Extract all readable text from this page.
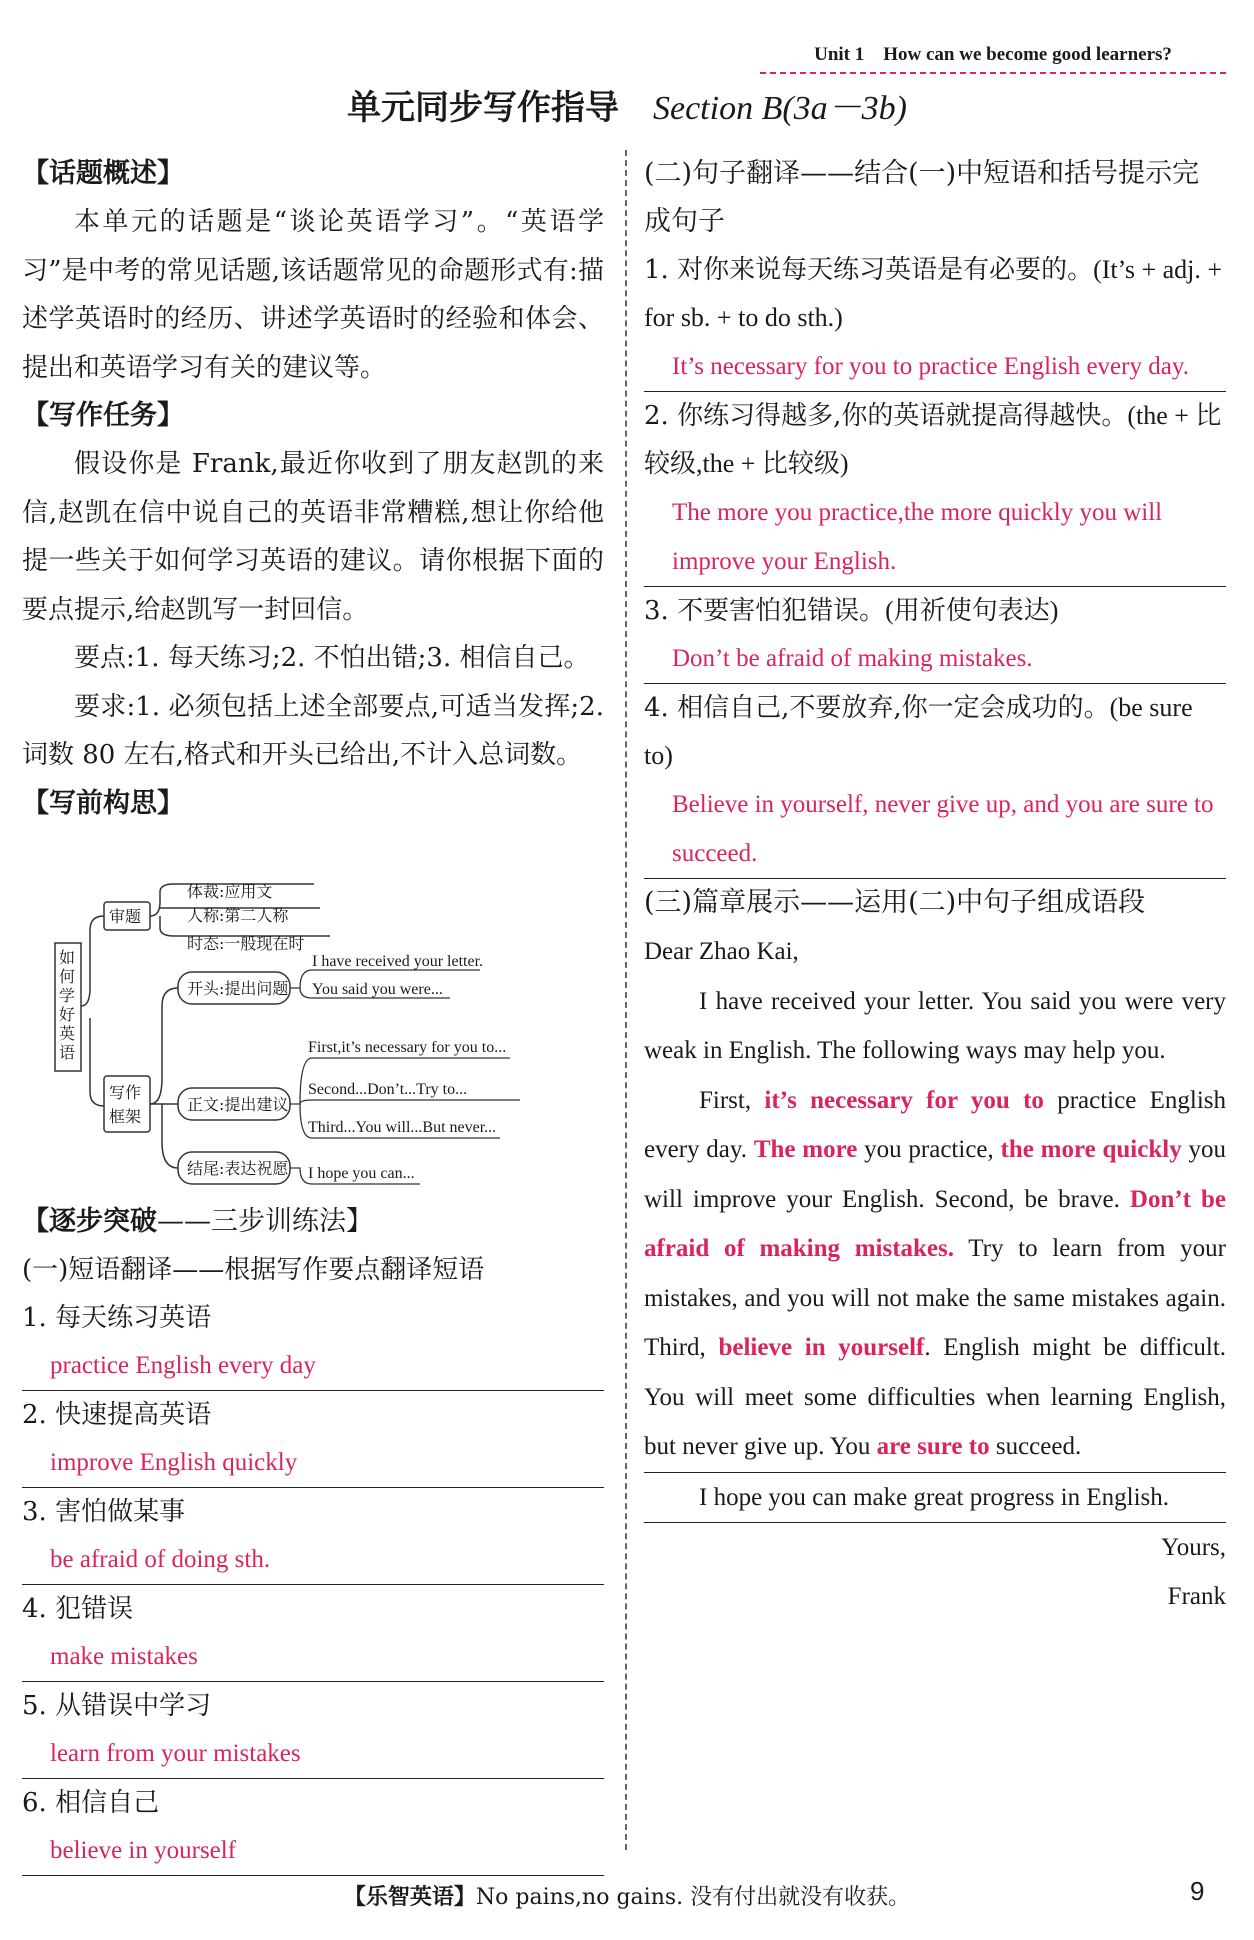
Unit 1　How can we become good learners?
单元同步写作指导 Section B(3a－3b)
【话题概述】

本单元的话题是“谈论英语学习”。“英语学习”是中考的常见话题,该话题常见的命题形式有:描述学英语时的经历、讲述学英语时的经验和体会、提出和英语学习有关的建议等。

【写作任务】

假设你是 Frank,最近你收到了朋友赵凯的来信,赵凯在信中说自己的英语非常糟糕,想让你给他提一些关于如何学习英语的建议。请你根据下面的要点提示,给赵凯写一封回信。

要点:1. 每天练习;2. 不怕出错;3. 相信自己。

要求:1. 必须包括上述全部要点,可适当发挥;2. 词数 80 左右,格式和开头已给出,不计入总词数。

【写前构思】
如 何 学 好 英 语
审题
体裁:应用文
人称:第二人称
时态:一般现在时
写作
框架
开头:提出问题
正文:提出建议
结尾:表达祝愿
I have received your letter.
You said you were...
First,it’s necessary for you to...
Second...Don’t...Try to...
Third...You will...But never...
I hope you can...
【逐步突破——三步训练法】
(一)短语翻译——根据写作要点翻译短语
1. 每天练习英语
practice English every day
2. 快速提高英语
improve English quickly
3. 害怕做某事
be afraid of doing sth.
4. 犯错误
make mistakes
5. 从错误中学习
learn from your mistakes
6. 相信自己
believe in yourself
(二)句子翻译——结合(一)中短语和括号提示完成句子
1. 对你来说每天练习英语是有必要的。(It’s + adj. + for sb. + to do sth.)
It’s necessary for you to practice English every day.
2. 你练习得越多,你的英语就提高得越快。(the + 比较级,the + 比较级)
The more you practice,the more quickly you will improve your English.
3. 不要害怕犯错误。(用祈使句表达)
Don’t be afraid of making mistakes.
4. 相信自己,不要放弃,你一定会成功的。(be sure to)
Believe in yourself, never give up, and you are sure to succeed.
(三)篇章展示——运用(二)中句子组成语段
Dear Zhao Kai,
I have received your letter. You said you were very weak in English. The following ways may help you.
First, it’s necessary for you to practice English every day. The more you practice, the more quickly you will improve your English. Second, be brave. Don’t be afraid of making mistakes. Try to learn from your mistakes, and you will not make the same mistakes again. Third, believe in yourself. English might be difficult. You will meet some difficulties when learning English, but never give up. You are sure to succeed.
I hope you can make great progress in English.
Yours,
Frank
【乐智英语】No pains,no gains. 没有付出就没有收获。	9
